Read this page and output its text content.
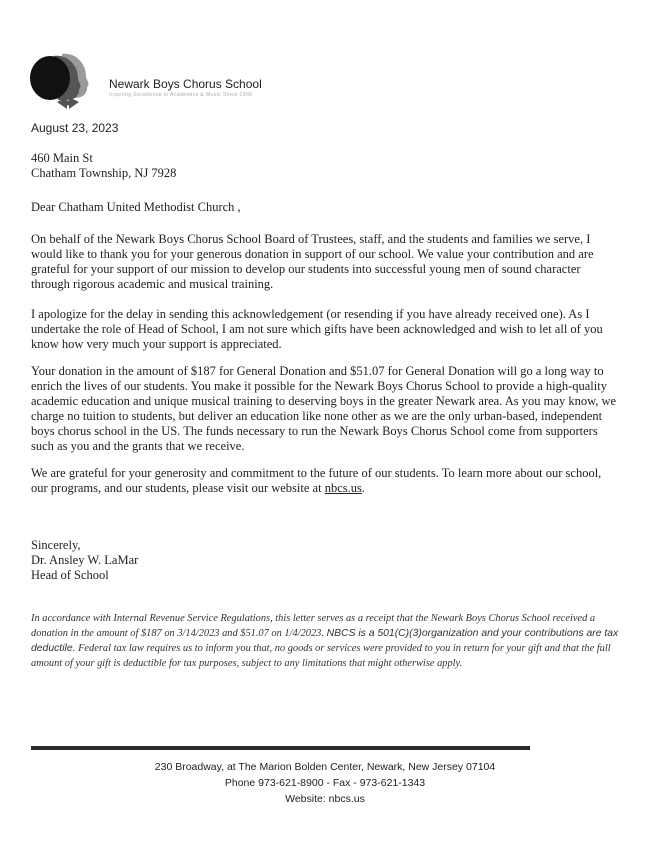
Newark Boys Chorus School
Inspiring Excellence in Academics & Music Since 1966
August 23, 2023
460 Main St
Chatham Township, NJ 7928
Dear Chatham United Methodist Church ,

On behalf of the Newark Boys Chorus School Board of Trustees, staff, and the students and families we serve, I would like to thank you for your generous donation in support of our school. We value your contribution and are grateful for your support of our mission to develop our students into successful young men of sound character through rigorous academic and musical training.

I apologize for the delay in sending this acknowledgement (or resending if you have already received one). As I undertake the role of Head of School, I am not sure which gifts have been acknowledged and wish to let all of you know how very much your support is appreciated.

Your donation in the amount of $187 for General Donation and $51.07 for General Donation will go a long way to enrich the lives of our students. You make it possible for the Newark Boys Chorus School to provide a high-quality academic education and unique musical training to deserving boys in the greater Newark area. As you may know, we charge no tuition to students, but deliver an education like none other as we are the only urban-based, independent boys chorus school in the US. The funds necessary to run the Newark Boys Chorus School come from supporters such as you and the grants that we receive.

We are grateful for your generosity and commitment to the future of our students. To learn more about our school, our programs, and our students, please visit our website at nbcs.us.

Sincerely,
Dr. Ansley W. LaMar
Head of School

In accordance with Internal Revenue Service Regulations, this letter serves as a receipt that the Newark Boys Chorus School received a donation in the amount of $187 on 3/14/2023 and $51.07 on 1/4/2023. NBCS is a 501(C)(3)organization and your contributions are tax deductile. Federal tax law requires us to inform you that, no goods or services were provided to you in return for your gift and that the full amount of your gift is deductible for tax purposes, subject to any limitations that might otherwise apply.

230 Broadway, at The Marion Bolden Center, Newark, New Jersey 07104
Phone 973-621-8900 - Fax - 973-621-1343
Website: nbcs.us
